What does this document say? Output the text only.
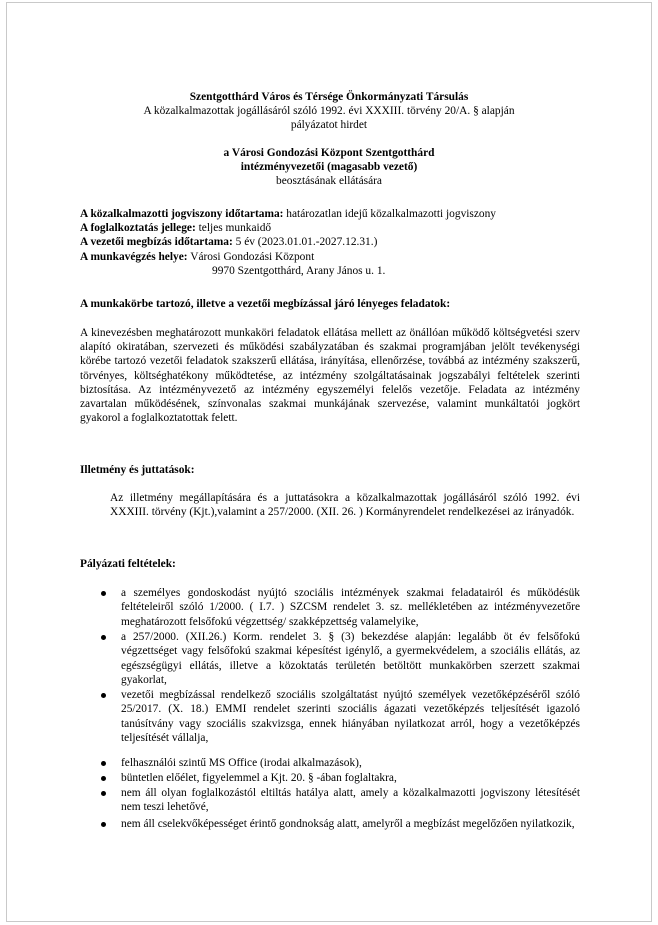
Szentgotthárd Város és Térsége Önkormányzati Társulás
A közalkalmazottak jogállásáról szóló 1992. évi XXXIII. törvény 20/A. § alapján
pályázatot hirdet
a Városi Gondozási Központ Szentgotthárd
intézményvezetői (magasabb vezető)
beosztásának ellátására
A közalkalmazotti jogviszony időtartama: határozatlan idejű közalkalmazotti jogviszony
A foglalkoztatás jellege: teljes munkaidő
A vezetői megbízás időtartama: 5 év (2023.01.01.-2027.12.31.)
A munkavégzés helye: Városi Gondozási Központ
9970 Szentgotthárd, Arany János u. 1.
A munkakörbe tartozó, illetve a vezetői megbízással járó lényeges feladatok:
A kinevezésben meghatározott munkaköri feladatok ellátása mellett az önállóan működő költségvetési szerv alapító okiratában, szervezeti és működési szabályzatában és szakmai programjában jelölt tevékenységi körébe tartozó vezetői feladatok szakszerű ellátása, irányítása, ellenőrzése, továbbá az intézmény szakszerű, törvényes, költséghatékony működtetése, az intézmény szolgáltatásainak jogszabályi feltételek szerinti biztosítása. Az intézményvezető az intézmény egyszemélyi felelős vezetője. Feladata az intézmény zavartalan működésének, színvonalas szakmai munkájának szervezése, valamint munkáltatói jogkört gyakorol a foglalkoztatottak felett.
Illetmény és juttatások:
Az illetmény megállapítására és a juttatásokra a közalkalmazottak jogállásáról szóló 1992. évi XXXIII. törvény (Kjt.),valamint a 257/2000. (XII. 26. ) Kormányrendelet rendelkezései az irányadók.
Pályázati feltételek:
a személyes gondoskodást nyújtó szociális intézmények szakmai feladatairól és működésük feltételeiről szóló 1/2000. ( I.7. ) SZCSM rendelet 3. sz. mellékletében az intézményvezetőre meghatározott felsőfokú végzettség/ szakképzettség valamelyike,
a 257/2000. (XII.26.) Korm. rendelet 3. § (3) bekezdése alapján: legalább öt év felsőfokú végzettséget vagy felsőfokú szakmai képesítést igénylő, a gyermekvédelem, a szociális ellátás, az egészségügyi ellátás, illetve a közoktatás területén betöltött munkakörben szerzett szakmai gyakorlat,
vezetői megbízással rendelkező szociális szolgáltatást nyújtó személyek vezetőképzéséről szóló 25/2017. (X. 18.) EMMI rendelet szerinti szociális ágazati vezetőképzés teljesítését igazoló tanúsítvány vagy szociális szakvizsga, ennek hiányában nyilatkozat arról, hogy a vezetőképzés teljesítését vállalja,
felhasználói szintű MS Office (irodai alkalmazások),
büntetlen előélet, figyelemmel a Kjt. 20. § -ában foglaltakra,
nem áll olyan foglalkozástól eltiltás hatálya alatt, amely a közalkalmazotti jogviszony létesítését nem teszi lehetővé,
nem áll cselekvőképességet érintő gondnokság alatt, amelyről a megbízást megelőzően nyilatkozik,
